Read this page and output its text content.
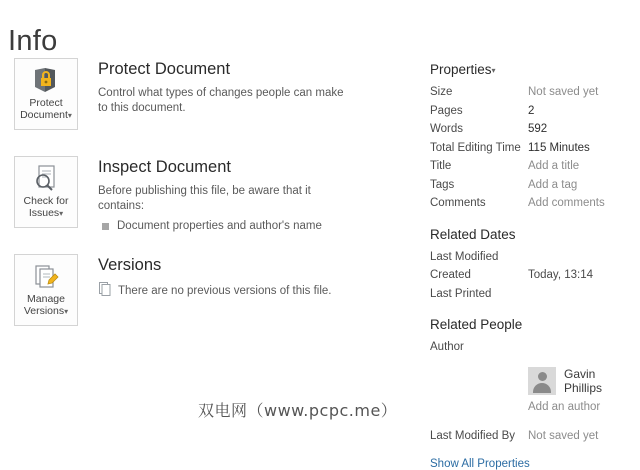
Info
Protect
Document▾
Protect Document

Control what types of changes people can make to this document.

Check for
Issues▾
Inspect Document

Before publishing this file, be aware that it contains:

Document properties and author's name
Manage
Versions▾
Versions
There are no previous versions of this file.
Properties▾
Size	Not saved yet
Pages	2
Words	592
Total Editing Time 115 Minutes
Title	Add a title
Tags	Add a tag
Comments	Add comments
Related Dates
Last Modified
Created	Today, 13:14
Last Printed
Related People
Author
Gavin Phillips
Add an author
Last Modified By	Not saved yet
Show All Properties
双电网（www.pcpc.me）
